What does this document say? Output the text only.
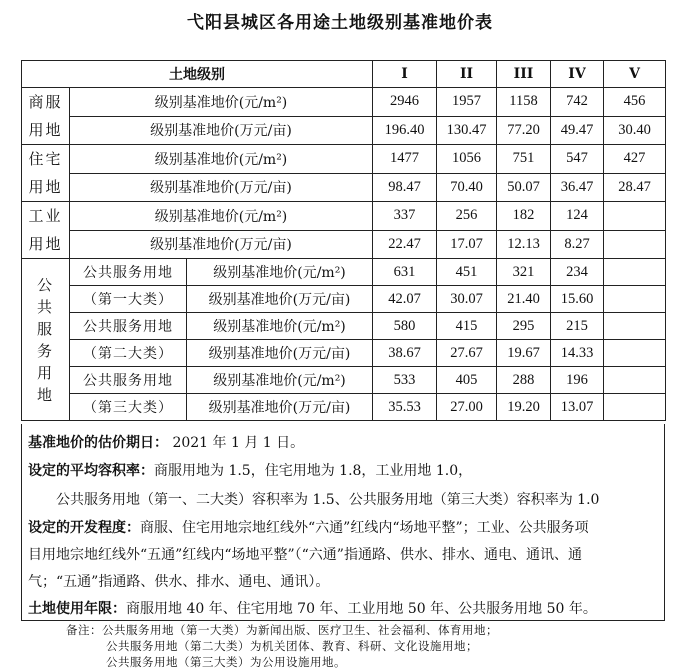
弋阳县城区各用途土地级别基准地价表
土地级别			I	II	III	IV	V
商服用地	级别基准地价(元/m²)		2946	1957	1158	742	456
	级别基准地价(万元/亩)		196.40	130.47	77.20	49.47	30.40
住宅用地	级别基准地价(元/m²)		1477	1056	751	547	427
	级别基准地价(万元/亩)		98.47	70.40	50.07	36.47	28.47
工业用地	级别基准地价(元/m²)		337	256	182	124	
	级别基准地价(万元/亩)		22.47	17.07	12.13	8.27	
公共服务用地	公共服务用地	级别基准地价(元/m²)	631	451	321	234	
	（第一大类）	级别基准地价(万元/亩)	42.07	30.07	21.40	15.60	
	公共服务用地	级别基准地价(元/m²)	580	415	295	215	
	（第二大类）	级别基准地价(万元/亩)	38.67	27.67	19.67	14.33	
	公共服务用地	级别基准地价(元/m²)	533	405	288	196	
	（第三大类）	级别基准地价(万元/亩)	35.53	27.00	19.20	13.07	
基准地价的估价期日： 2021 年 1 月 1 日。
设定的平均容积率：商服用地为 1.5，住宅用地为 1.8，工业用地 1.0，
公共服务用地（第一、二大类）容积率为 1.5、公共服务用地（第三大类）容积率为 1.0
设定的开发程度：商服、住宅用地宗地红线外“六通”红线内“场地平整”；工业、公共服务项
目用地宗地红线外“五通”红线内“场地平整”（“六通”指通路、供水、排水、通电、通讯、通
气；“五通”指通路、供水、排水、通电、通讯）。
土地使用年限：商服用地 40 年、住宅用地 70 年、工业用地 50 年、公共服务用地 50 年。
备注：公共服务用地（第一大类）为新闻出版、医疗卫生、社会福利、体育用地；
公共服务用地（第二大类）为机关团体、教育、科研、文化设施用地；
公共服务用地（第三大类）为公用设施用地。
